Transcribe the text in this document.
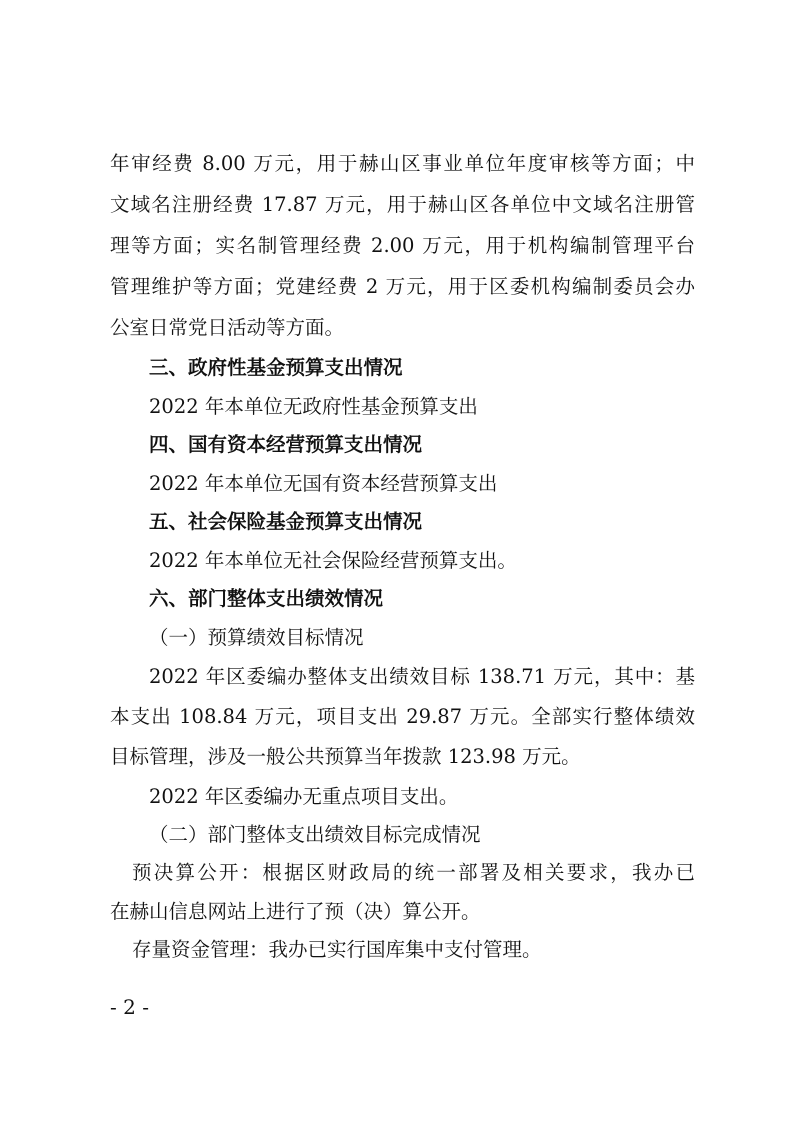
年审经费 8.00 万元，用于赫山区事业单位年度审核等方面；中
文域名注册经费 17.87 万元，用于赫山区各单位中文域名注册管
理等方面；实名制管理经费 2.00 万元，用于机构编制管理平台
管理维护等方面；党建经费 2 万元，用于区委机构编制委员会办
公室日常党日活动等方面。
三、政府性基金预算支出情况
2022 年本单位无政府性基金预算支出
四、国有资本经营预算支出情况
2022 年本单位无国有资本经营预算支出
五、社会保险基金预算支出情况
2022 年本单位无社会保险经营预算支出。
六、部门整体支出绩效情况
（一）预算绩效目标情况
2022 年区委编办整体支出绩效目标 138.71 万元，其中：基
本支出 108.84 万元，项目支出 29.87 万元。全部实行整体绩效
目标管理，涉及一般公共预算当年拨款 123.98 万元。
2022 年区委编办无重点项目支出。
（二）部门整体支出绩效目标完成情况
预决算公开：根据区财政局的统一部署及相关要求，我办已
在赫山信息网站上进行了预（决）算公开。
存量资金管理：我办已实行国库集中支付管理。
- 2 -
